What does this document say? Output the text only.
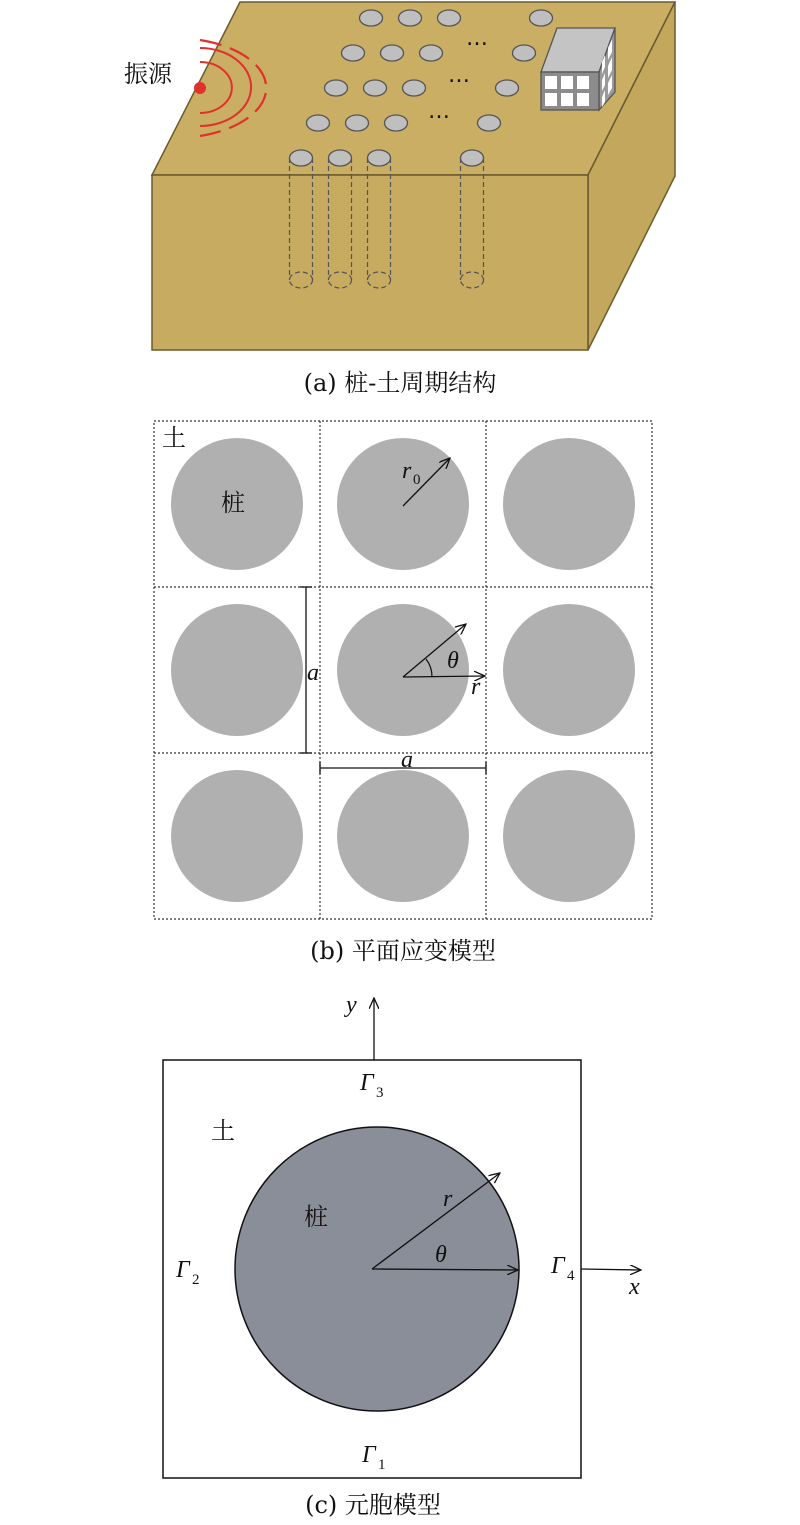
振源
…
…
…
(a) 桩-土周期结构
土
桩
r 0
θ
r
a
a
(b) 平面应变模型
y
x
r
θ
土
桩
Γ 3
Γ 2
Γ 4
Γ 1
(c) 元胞模型
